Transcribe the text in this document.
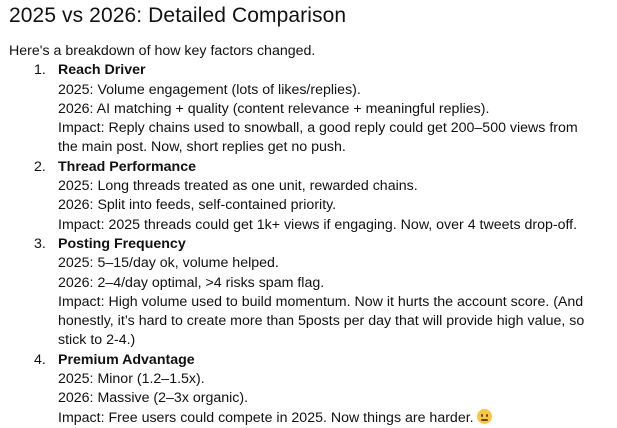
2025 vs 2026: Detailed Comparison

Here's a breakdown of how key factors changed.

1. Reach Driver
2025: Volume engagement (lots of likes/replies).
2026: AI matching + quality (content relevance + meaningful replies).
Impact: Reply chains used to snowball, a good reply could get 200–500 views from
the main post. Now, short replies get no push.
2. Thread Performance
2025: Long threads treated as one unit, rewarded chains.
2026: Split into feeds, self-contained priority.
Impact: 2025 threads could get 1k+ views if engaging. Now, over 4 tweets drop-off.
3. Posting Frequency
2025: 5–15/day ok, volume helped.
2026: 2–4/day optimal, >4 risks spam flag.
Impact: High volume used to build momentum. Now it hurts the account score. (And
honestly, it’s hard to create more than 5posts per day that will provide high value, so
stick to 2-4.)
4. Premium Advantage
2025: Minor (1.2–1.5x).
2026: Massive (2–3x organic).
Impact: Free users could compete in 2025. Now things are harder.
